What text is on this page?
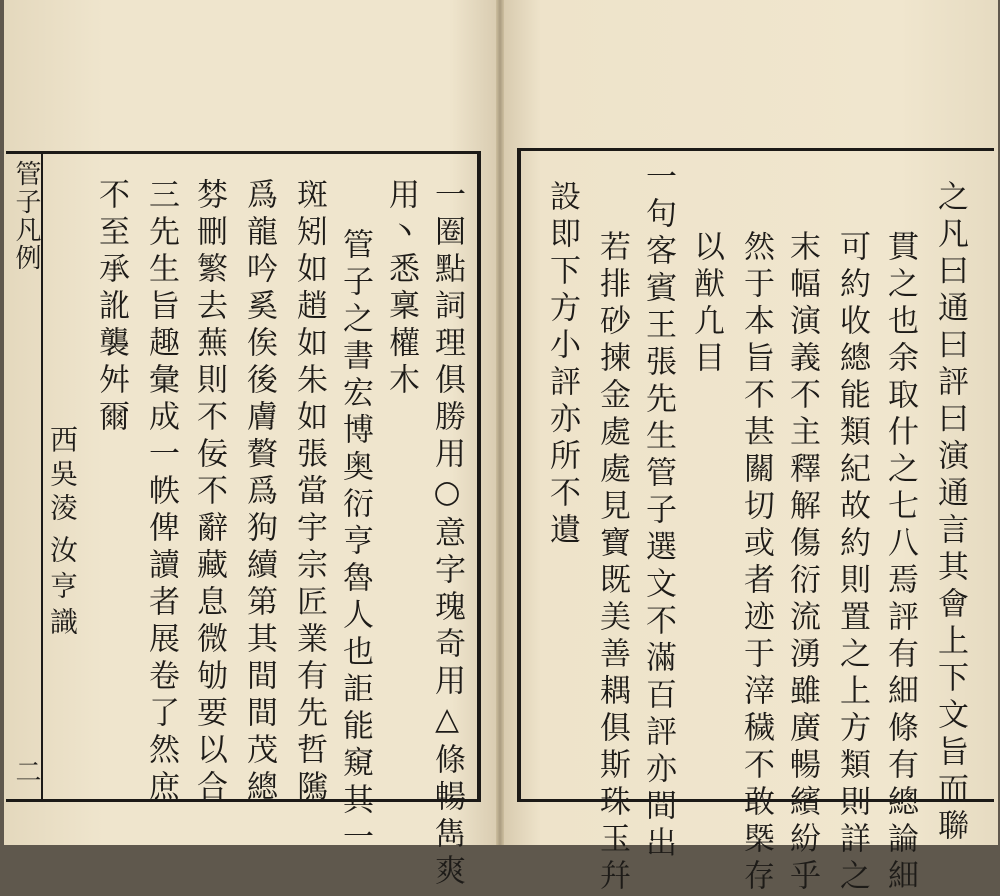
管子凡例
二	一圈點詞理俱勝用○意字瑰奇用△條暢雋爽
用丶悉稟權木
管子之書宏博奥衍亨魯人也詎能窺其一
斑矧如趙如朱如張當宇宗匠業有先哲隲
爲龍吟奚俟後膚贅爲狗續第其間間茂總
棼刪繁去蕪則不佞不辭藏息微劬要以合
三先生旨趣彙成一帙俾讀者展卷了然庶
不至承訛襲舛爾
西吳淩
汝亨識	之凡曰通曰評曰演通言其會上下文旨而聯
貫之也余取什之七八焉評有細條有總論細
可約收總能類紀故約則置之上方類則詳之
末幅演義不主釋解傷衍流湧雖廣暢繽紛乎
然于本旨不甚關切或者迹于滓穢不敢槩存
以猷凢目
一句客賓王張先生管子選文不滿百評亦間出
若排砂揀金處處見寶既美善耦俱斯珠玉幷
設即下方小評亦所不遺
